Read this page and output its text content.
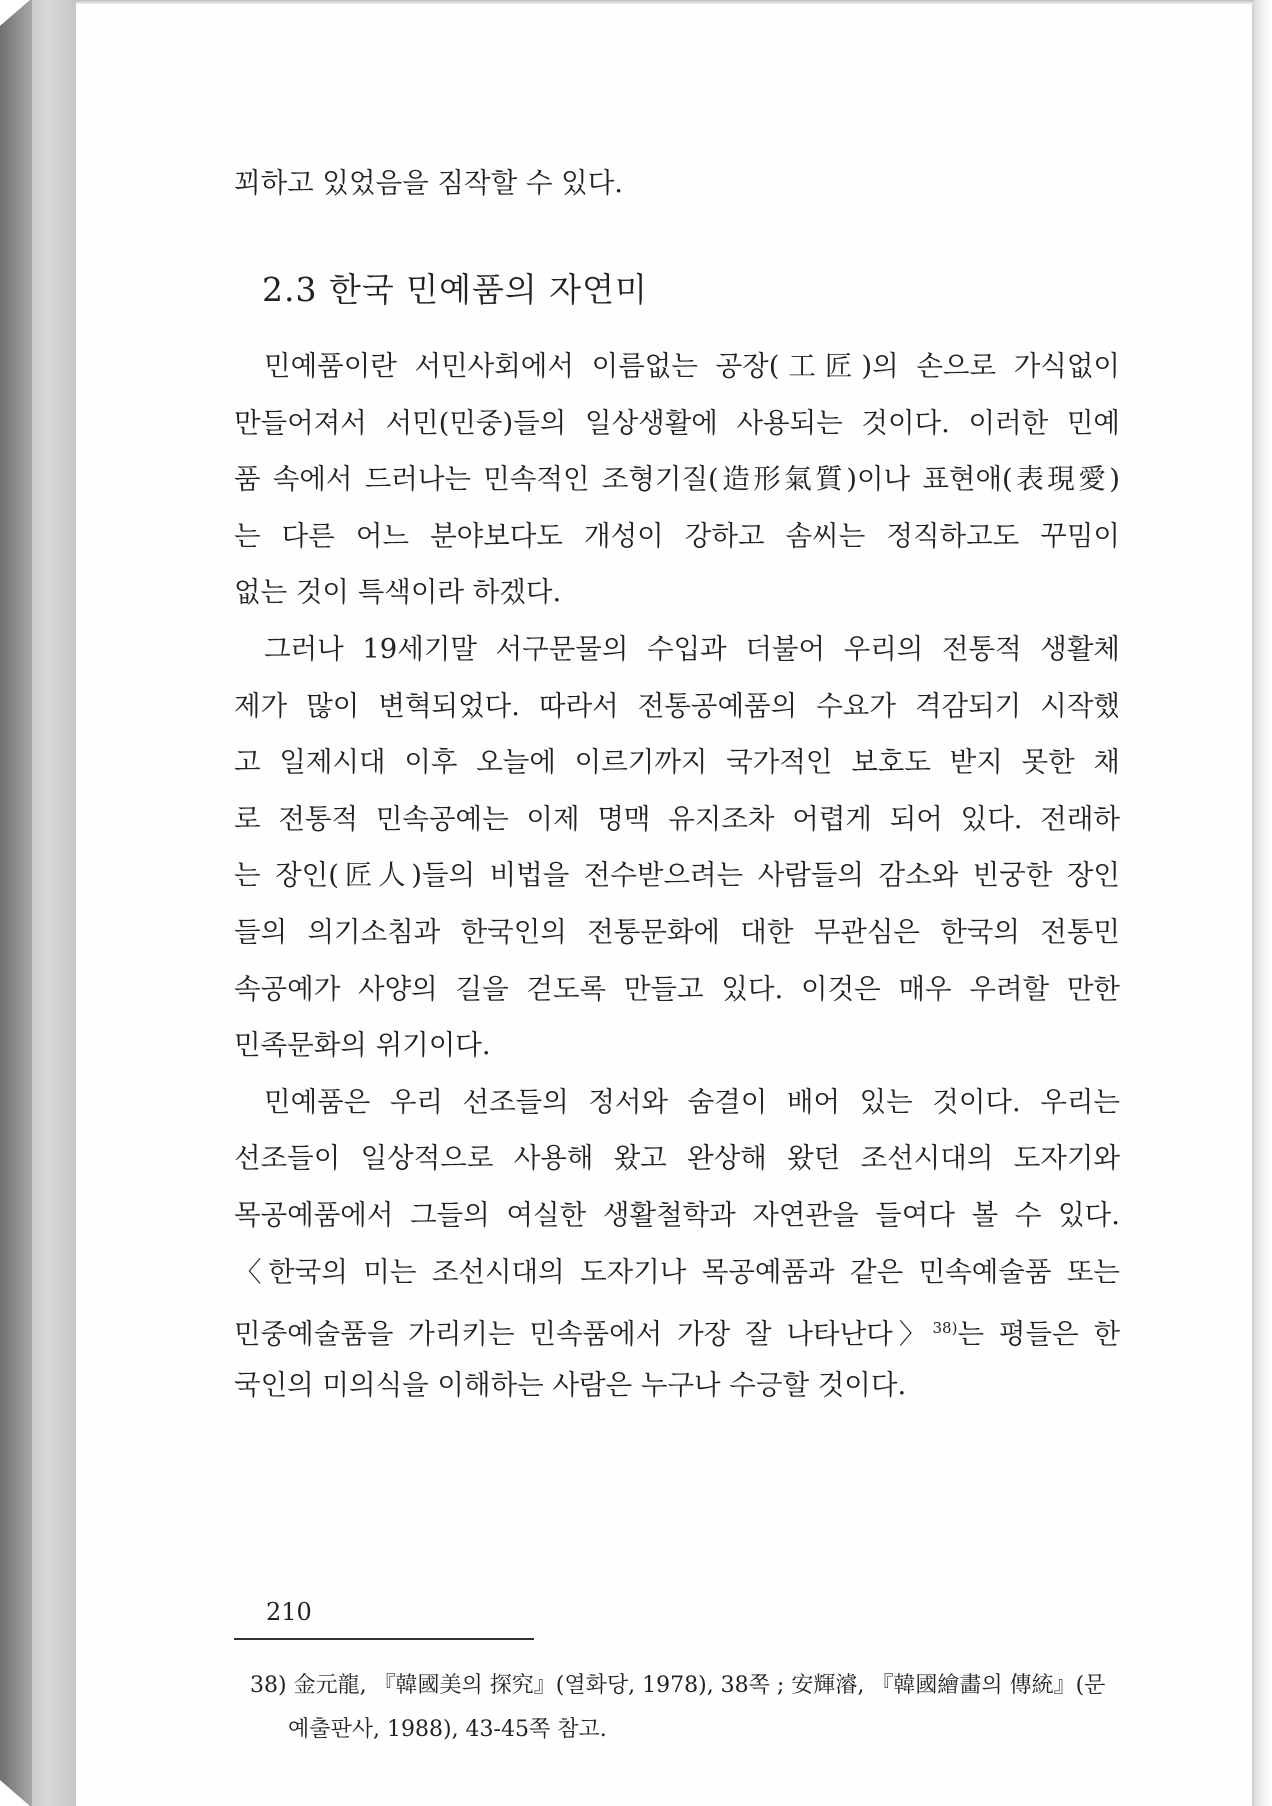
꾀하고 있었음을 짐작할 수 있다.
2.3 한국 민예품의 자연미
민예품이란 서민사회에서 이름없는 공장(工匠)의 손으로 가식없이
만들어져서 서민(민중)들의 일상생활에 사용되는 것이다. 이러한 민예
품 속에서 드러나는 민속적인 조형기질(造形氣質)이나 표현애(表現愛)
는 다른 어느 분야보다도 개성이 강하고 솜씨는 정직하고도 꾸밈이
없는 것이 특색이라 하겠다.
그러나 19세기말 서구문물의 수입과 더불어 우리의 전통적 생활체
제가 많이 변혁되었다. 따라서 전통공예품의 수요가 격감되기 시작했
고 일제시대 이후 오늘에 이르기까지 국가적인 보호도 받지 못한 채
로 전통적 민속공예는 이제 명맥 유지조차 어렵게 되어 있다. 전래하
는 장인(匠人)들의 비법을 전수받으려는 사람들의 감소와 빈궁한 장인
들의 의기소침과 한국인의 전통문화에 대한 무관심은 한국의 전통민
속공예가 사양의 길을 걷도록 만들고 있다. 이것은 매우 우려할 만한
민족문화의 위기이다.
민예품은 우리 선조들의 정서와 숨결이 배어 있는 것이다. 우리는
선조들이 일상적으로 사용해 왔고 완상해 왔던 조선시대의 도자기와
목공예품에서 그들의 여실한 생활철학과 자연관을 들여다 볼 수 있다.
〈한국의 미는 조선시대의 도자기나 목공예품과 같은 민속예술품 또는
민중예술품을 가리키는 민속품에서 가장 잘 나타난다〉$^{38)}$는 평들은 한
국인의 미의식을 이해하는 사람은 누구나 수긍할 것이다.
38) 金元龍, 『韓國美의 探究』(열화당, 1978), 38쪽 ; 安輝濬, 『韓國繪畵의 傳統』(문
예출판사, 1988), 43-45쪽 참고.
210
